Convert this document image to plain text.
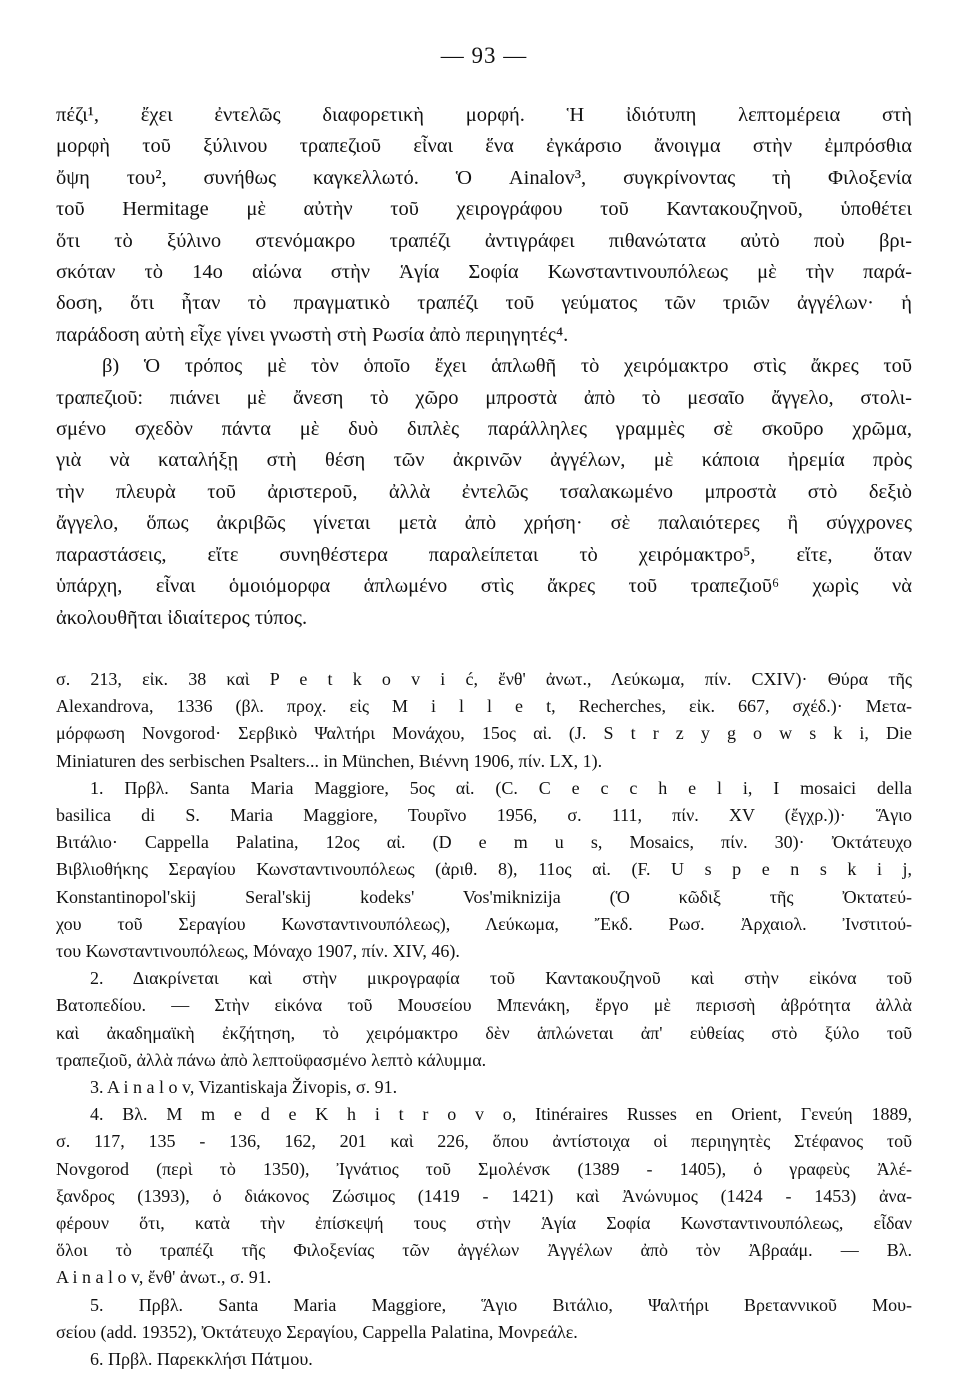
— 93 —
πέζι¹, ἔχει ἐντελῶς διαφορετικὴ μορφή. Ἡ ἰδιότυπη λεπτομέρεια στὴ
μορφὴ τοῦ ξύλινου τραπεζιοῦ εἶναι ἕνα ἐγκάρσιο ἄνοιγμα στὴν ἐμπρόσθια
ὄψη του², συνήθως καγκελλωτό. Ὁ Ainalov³, συγκρίνοντας τὴ Φιλοξενία
τοῦ Hermitage μὲ αὐτὴν τοῦ χειρογράφου τοῦ Καντακουζηνοῦ, ὑποθέτει
ὅτι τὸ ξύλινο στενόμακρο τραπέζι ἀντιγράφει πιθανώτατα αὐτὸ ποὺ βρι-
σκόταν τὸ 14ο αἰώνα στὴν Ἁγία Σοφία Κωνσταντινουπόλεως μὲ τὴν παρά-
δοση, ὅτι ἦταν τὸ πραγματικὸ τραπέζι τοῦ γεύματος τῶν τριῶν ἀγγέλων· ἡ
παράδοση αὐτὴ εἶχε γίνει γνωστὴ στὴ Ρωσία ἀπὸ περιηγητές⁴.
β) Ὁ τρόπος μὲ τὸν ὁποῖο ἔχει ἁπλωθῆ τὸ χειρόμακτρο στὶς ἄκρες τοῦ
τραπεζιοῦ: πιάνει μὲ ἄνεση τὸ χῶρο μπροστὰ ἀπὸ τὸ μεσαῖο ἄγγελο, στολι-
σμένο σχεδὸν πάντα μὲ δυὸ διπλὲς παράλληλες γραμμὲς σὲ σκοῦρο χρῶμα,
γιὰ νὰ καταλήξῃ στὴ θέση τῶν ἀκρινῶν ἀγγέλων, μὲ κάποια ἠρεμία πρὸς
τὴν πλευρὰ τοῦ ἀριστεροῦ, ἀλλὰ ἐντελῶς τσαλακωμένο μπροστὰ στὸ δεξιὸ
ἄγγελο, ὅπως ἀκριβῶς γίνεται μετὰ ἀπὸ χρήση· σὲ παλαιότερες ἢ σύγχρονες
παραστάσεις, εἴτε συνηθέστερα παραλείπεται τὸ χειρόμακτρο⁵, εἴτε, ὅταν
ὑπάρχη, εἶναι ὁμοιόμορφα ἁπλωμένο στὶς ἄκρες τοῦ τραπεζιοῦ⁶ χωρὶς νὰ
ἀκολουθῆται ἰδιαίτερος τύπος.
σ. 213, εἰκ. 38 καὶ P e t k o v i ć, ἔνθ' ἀνωτ., Λεύκωμα, πίν. CXIV)· Θύρα τῆς
Alexandrova, 1336 (βλ. προχ. εἰς M i l l e t, Recherches, εἰκ. 667, σχέδ.)· Μετα-
μόρφωση Novgorod· Σερβικὸ Ψαλτήρι Μονάχου, 15ος αἰ. (J. S t r z y g o w s k i, Die
Miniaturen des serbischen Psalters... in München, Βιέννη 1906, πίν. LX, 1).
1. Πρβλ. Santa Maria Maggiore, 5ος αἰ. (C. C e c c h e l i, I mosaici della
basilica di S. Maria Maggiore, Τουρῖνο 1956, σ. 111, πίν. XV (ἔγχρ.))· Ἅγιο
Βιτάλιο· Cappella Palatina, 12ος αἰ. (D e m u s, Mosaics, πίν. 30)· Ὀκτάτευχο
Βιβλιοθήκης Σεραγίου Κωνσταντινουπόλεως (ἀριθ. 8), 11ος αἰ. (F. U s p e n s k i j,
Konstantinopol'skij Seral'skij kodeks' Vos'miknizija (Ὁ κῶδιξ τῆς Ὀκτατεύ-
χου τοῦ Σεραγίου Κωνσταντινουπόλεως), Λεύκωμα, Ἔκδ. Ρωσ. Ἀρχαιολ. Ἰνστιτού-
του Κωνσταντινουπόλεως, Μόναχο 1907, πίν. XIV, 46).
2. Διακρίνεται καὶ στὴν μικρογραφία τοῦ Καντακουζηνοῦ καὶ στὴν εἰκόνα τοῦ
Βατοπεδίου. — Στὴν εἰκόνα τοῦ Μουσείου Μπενάκη, ἔργο μὲ περισσὴ ἀβρότητα ἀλλὰ
καὶ ἀκαδημαϊκὴ ἐκζήτηση, τὸ χειρόμακτρο δὲν ἁπλώνεται ἀπ' εὐθείας στὸ ξύλο τοῦ
τραπεζιοῦ, ἀλλὰ πάνω ἀπὸ λεπτοϋφασμένο λεπτὸ κάλυμμα.
3. A i n a l o v, Vizantiskaja Živopis, σ. 91.
4. Βλ. M m e d e K h i t r o v o, Itinéraires Russes en Orient, Γενεύη 1889,
σ. 117, 135 - 136, 162, 201 καὶ 226, ὅπου ἀντίστοιχα οἱ περιηγητὲς Στέφανος τοῦ
Novgorod (περὶ τὸ 1350), Ἰγνάτιος τοῦ Σμολένσκ (1389 - 1405), ὁ γραφεὺς Ἀλέ-
ξανδρος (1393), ὁ διάκονος Ζώσιμος (1419 - 1421) καὶ Ἀνώνυμος (1424 - 1453) ἀνα-
φέρουν ὅτι, κατὰ τὴν ἐπίσκεψή τους στὴν Ἁγία Σοφία Κωνσταντινουπόλεως, εἶδαν
ὅλοι τὸ τραπέζι τῆς Φιλοξενίας τῶν ἀγγέλων Ἀγγέλων ἀπὸ τὸν Ἀβραάμ. — Βλ.
A i n a l o v, ἔνθ' ἀνωτ., σ. 91.
5. Πρβλ. Santa Maria Maggiore, Ἅγιο Βιτάλιο, Ψαλτήρι Βρεταννικοῦ Μου-
σείου (add. 19352), Ὀκτάτευχο Σεραγίου, Cappella Palatina, Μονρεάλε.
6. Πρβλ. Παρεκκλήσι Πάτμου.
